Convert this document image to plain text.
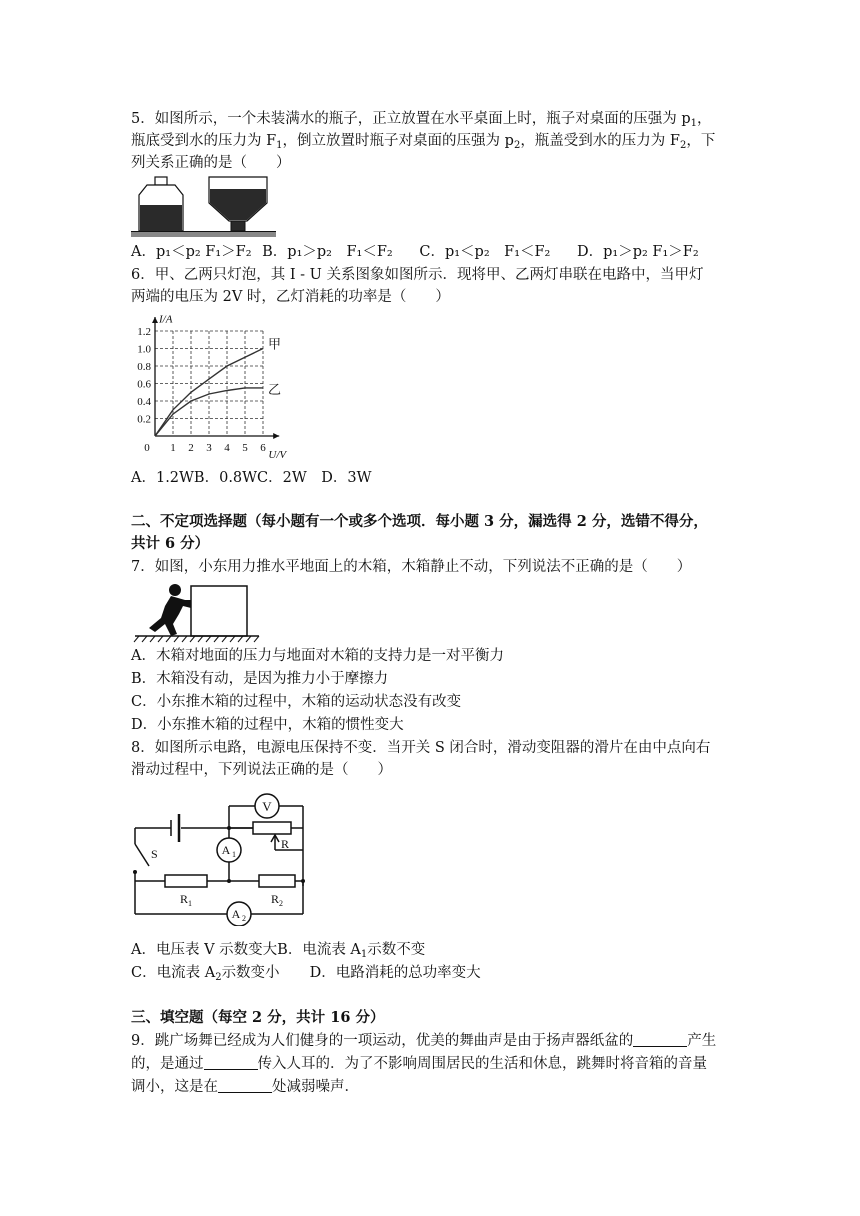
5．如图所示，一个未装满水的瓶子，正立放置在水平桌面上时，瓶子对桌面的压强为 $p_1$，
瓶底受到水的压力为 $F_1$，倒立放置时瓶子对桌面的压强为 $p_2$，瓶盖受到水的压力为 $F_2$，下
列关系正确的是（　　）
A．p₁＜p₂ F₁＞F₂ B．p₁＞p₂　F₁＜F₂ C．p₁＜p₂　F₁＜F₂ D．p₁＞p₂ F₁＞F₂
6．甲、乙两只灯泡，其 I - U 关系图象如图所示．现将甲、乙两灯串联在电路中，当甲灯
两端的电压为 2V 时，乙灯消耗的功率是（　　）
0 1 2 3 4 5 6
0.2
0.4
0.6
0.8
1.0
1.2
U/V
I/A
甲
乙
A．1.2WB．0.8WC．2W　D．3W
二、不定项选择题（每小题有一个或多个选项．每小题 3 分，漏选得 2 分，选错不得分，
共计 6 分）
7．如图，小东用力推水平地面上的木箱，木箱静止不动，下列说法不正确的是（　　）
A．木箱对地面的压力与地面对木箱的支持力是一对平衡力
B．木箱没有动，是因为推力小于摩擦力
C．小东推木箱的过程中，木箱的运动状态没有改变
D．小东推木箱的过程中，木箱的惯性变大
8．如图所示电路，电源电压保持不变．当开关 S 闭合时，滑动变阻器的滑片在由中点向右
滑动过程中，下列说法正确的是（　　）
V
A 1
A 2
R
S
R 1	R 2
A．电压表 V 示数变大B．电流表 $A_1$示数不变
C．电流表 $A_2$示数变小 D．电路消耗的总功率变大
三、填空题（每空 2 分，共计 16 分）
9．跳广场舞已经成为人们健身的一项运动，优美的舞曲声是由于扬声器纸盆的	产生
的，是通过	传入人耳的．为了不影响周围居民的生活和休息，跳舞时将音箱的音量
调小，这是在	处减弱噪声．
